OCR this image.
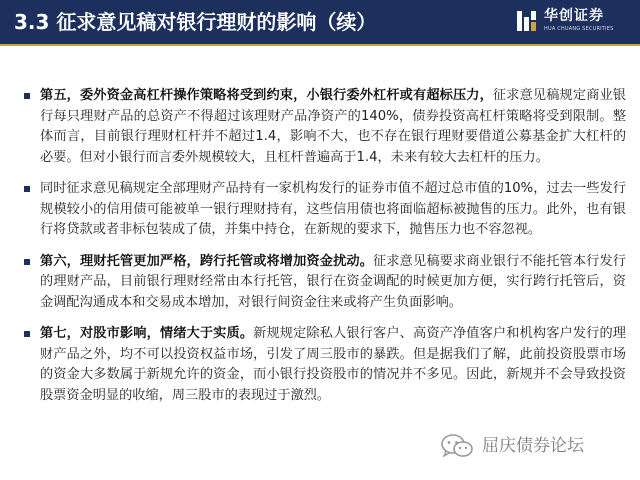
3.3 征求意见稿对银行理财的影响（续）	华创证券
HUA CHUANG SECURITIES
第五，委外资金高杠杆操作策略将受到约束，小银行委外杠杆或有超标压力，征求意见稿规定商业银行每只理财产品的总资产不得超过该理财产品净资产的140%，债券投资高杠杆策略将受到限制。整体而言，目前银行理财杠杆并不超过1.4，影响不大，也不存在银行理财要借道公募基金扩大杠杆的必要。但对小银行而言委外规模较大，且杠杆普遍高于1.4，未来有较大去杠杆的压力。
同时征求意见稿规定全部理财产品持有一家机构发行的证券市值不超过总市值的10%，过去一些发行规模较小的信用债可能被单一银行理财持有，这些信用债也将面临超标被抛售的压力。此外，也有银行将贷款或者非标包装成了债，并集中持仓，在新规的要求下，抛售压力也不容忽视。
第六，理财托管更加严格，跨行托管或将增加资金扰动。征求意见稿要求商业银行不能托管本行发行的理财产品，目前银行理财经常由本行托管，银行在资金调配的时候更加方便，实行跨行托管后，资金调配沟通成本和交易成本增加，对银行间资金往来或将产生负面影响。
第七，对股市影响，情绪大于实质。新规规定除私人银行客户、高资产净值客户和机构客户发行的理财产品之外，均不可以投资权益市场，引发了周三股市的暴跌。但是据我们了解，此前投资股票市场的资金大多数属于新规允许的资金，而小银行投资股市的情况并不多见。因此，新规并不会导致投资股票资金明显的收缩，周三股市的表现过于激烈。
屈庆债券论坛
